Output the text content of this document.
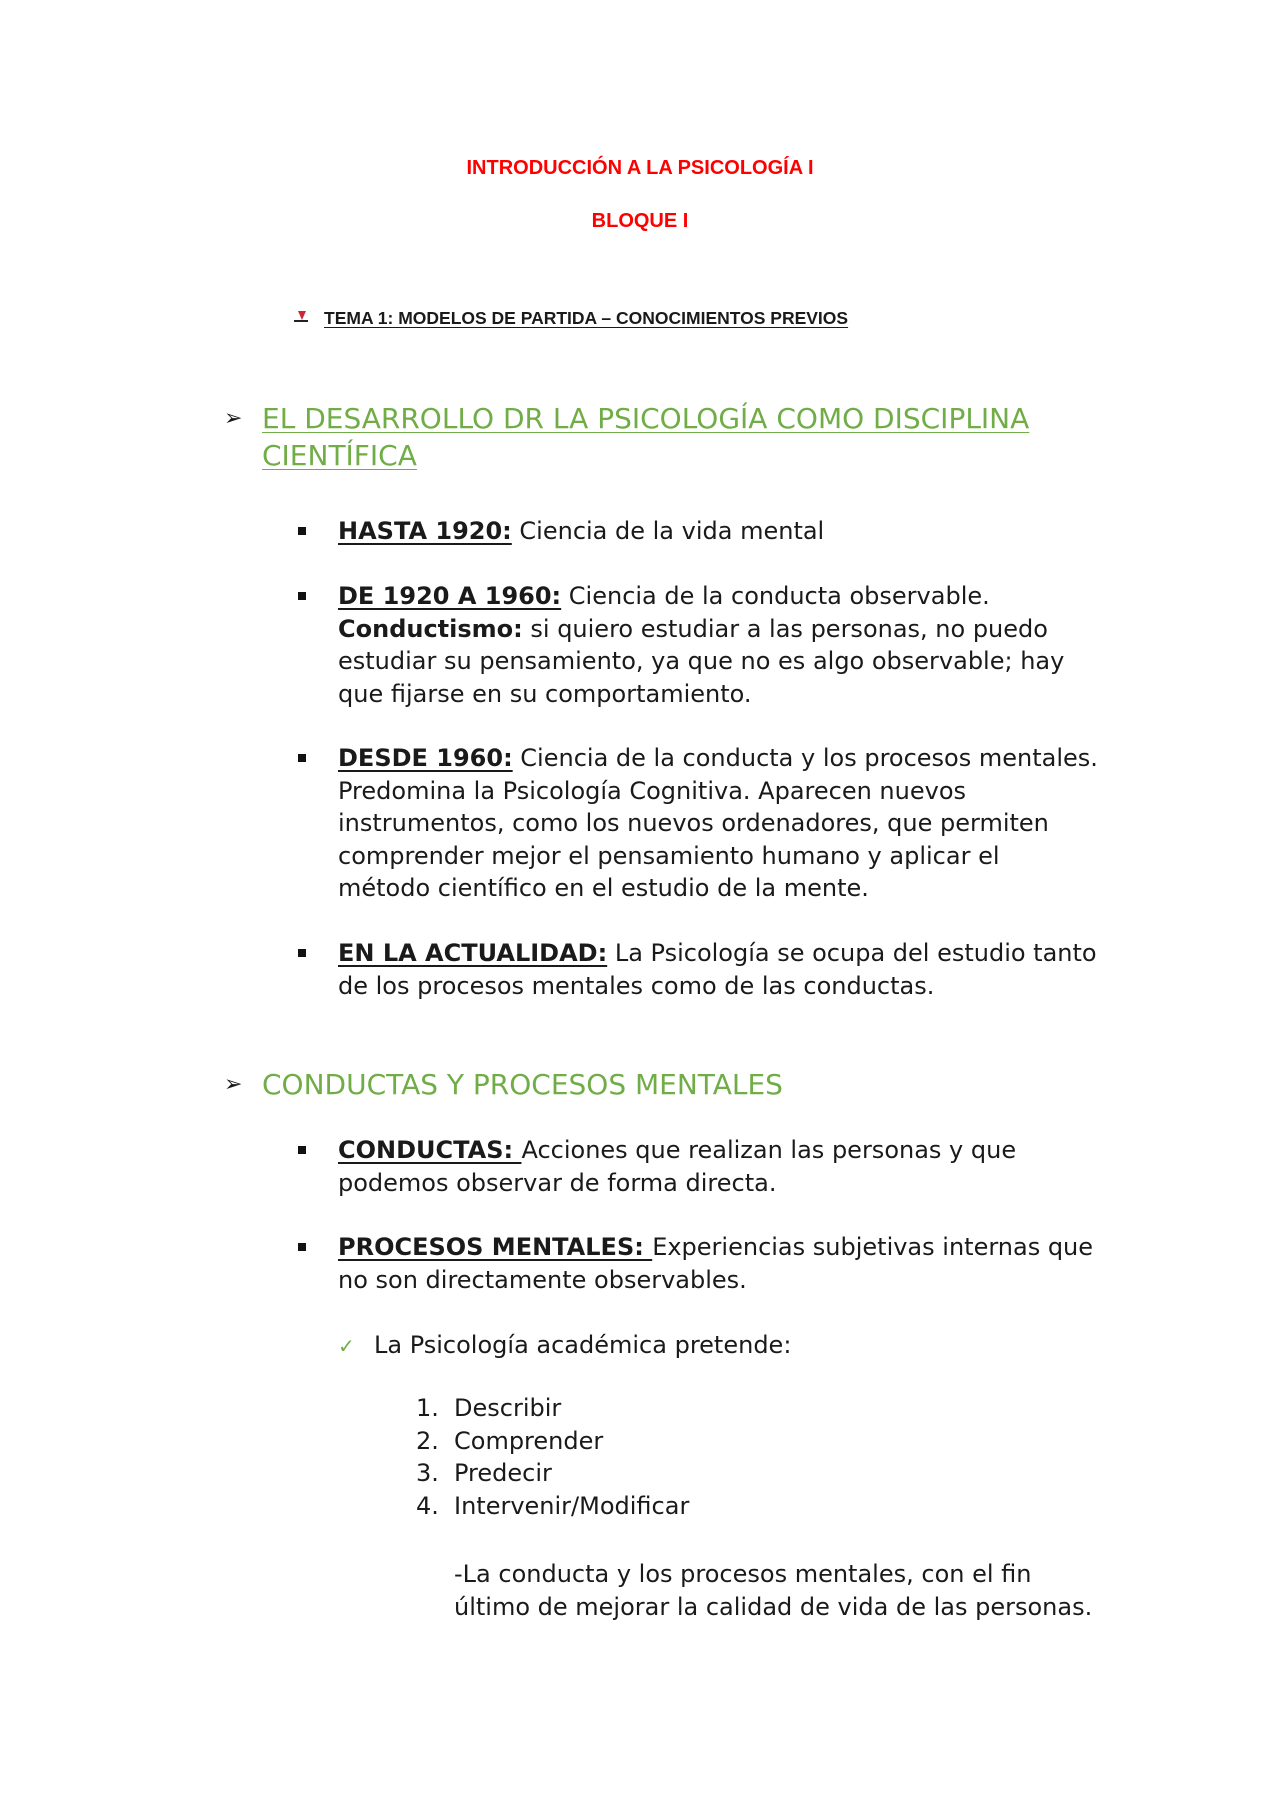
INTRODUCCIÓN A LA PSICOLOGÍA I
BLOQUE I
TEMA 1: MODELOS DE PARTIDA – CONOCIMIENTOS PREVIOS
➢ EL DESARROLLO DR LA PSICOLOGÍA COMO DISCIPLINA CIENTÍFICA
HASTA 1920: Ciencia de la vida mental
DE 1920 A 1960: Ciencia de la conducta observable.
Conductismo: si quiero estudiar a las personas, no puedo estudiar su pensamiento, ya que no es algo observable; hay que fijarse en su comportamiento.
DESDE 1960: Ciencia de la conducta y los procesos mentales. Predomina la Psicología Cognitiva. Aparecen nuevos instrumentos, como los nuevos ordenadores, que permiten comprender mejor el pensamiento humano y aplicar el método científico en el estudio de la mente.
EN LA ACTUALIDAD: La Psicología se ocupa del estudio tanto de los procesos mentales como de las conductas.
➢ CONDUCTAS Y PROCESOS MENTALES
CONDUCTAS: Acciones que realizan las personas y que podemos observar de forma directa.
PROCESOS MENTALES: Experiencias subjetivas internas que no son directamente observables.
✓ La Psicología académica pretende:
1. Describir
2. Comprender
3. Predecir
4. Intervenir/Modificar
-La conducta y los procesos mentales, con el fin último de mejorar la calidad de vida de las personas.
